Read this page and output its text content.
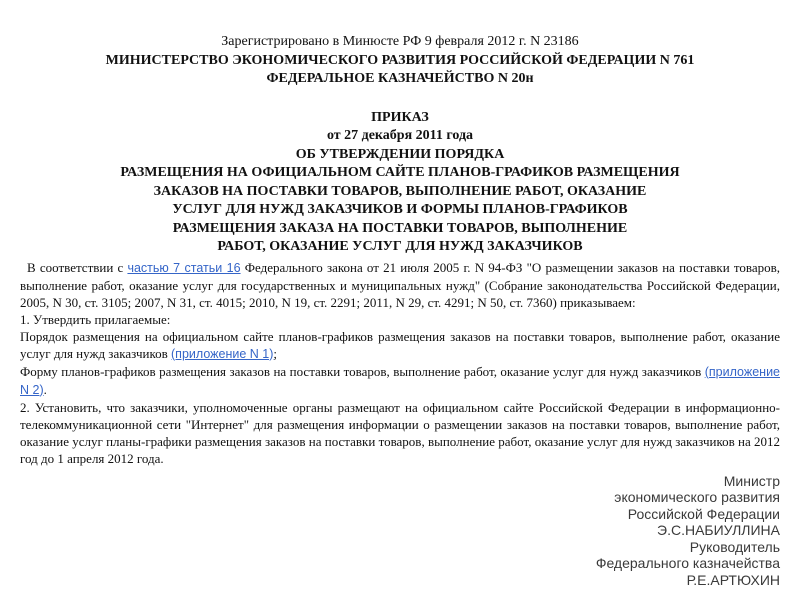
Зарегистрировано в Минюсте РФ 9 февраля 2012 г. N 23186
МИНИСТЕРСТВО ЭКОНОМИЧЕСКОГО РАЗВИТИЯ РОССИЙСКОЙ ФЕДЕРАЦИИ N 761
ФЕДЕРАЛЬНОЕ КАЗНАЧЕЙСТВО N 20н
ПРИКАЗ
от 27 декабря 2011 года
ОБ УТВЕРЖДЕНИИ ПОРЯДКА
РАЗМЕЩЕНИЯ НА ОФИЦИАЛЬНОМ САЙТЕ ПЛАНОВ-ГРАФИКОВ РАЗМЕЩЕНИЯ
ЗАКАЗОВ НА ПОСТАВКИ ТОВАРОВ, ВЫПОЛНЕНИЕ РАБОТ, ОКАЗАНИЕ
УСЛУГ ДЛЯ НУЖД ЗАКАЗЧИКОВ И ФОРМЫ ПЛАНОВ-ГРАФИКОВ
РАЗМЕЩЕНИЯ ЗАКАЗА НА ПОСТАВКИ ТОВАРОВ, ВЫПОЛНЕНИЕ
РАБОТ, ОКАЗАНИЕ УСЛУГ ДЛЯ НУЖД ЗАКАЗЧИКОВ

В соответствии с частью 7 статьи 16 Федерального закона от 21 июля 2005 г. N 94-ФЗ "О размещении заказов на поставки товаров, выполнение работ, оказание услуг для государственных и муниципальных нужд" (Собрание законодательства Российской Федерации, 2005, N 30, ст. 3105; 2007, N 31, ст. 4015; 2010, N 19, ст. 2291; 2011, N 29, ст. 4291; N 50, ст. 7360) приказываем:

1. Утвердить прилагаемые:

Порядок размещения на официальном сайте планов-графиков размещения заказов на поставки товаров, выполнение работ, оказание услуг для нужд заказчиков (приложение N 1);

Форму планов-графиков размещения заказов на поставки товаров, выполнение работ, оказание услуг для нужд заказчиков (приложение N 2).

2. Установить, что заказчики, уполномоченные органы размещают на официальном сайте Российской Федерации в информационно-телекоммуникационной сети "Интернет" для размещения информации о размещении заказов на поставки товаров, выполнение работ, оказание услуг планы-графики размещения заказов на поставки товаров, выполнение работ, оказание услуг для нужд заказчиков на 2012 год до 1 апреля 2012 года.

Министр
экономического развития
Российской Федерации
Э.С.НАБИУЛЛИНА
Руководитель
Федерального казначейства
Р.Е.АРТЮХИН
